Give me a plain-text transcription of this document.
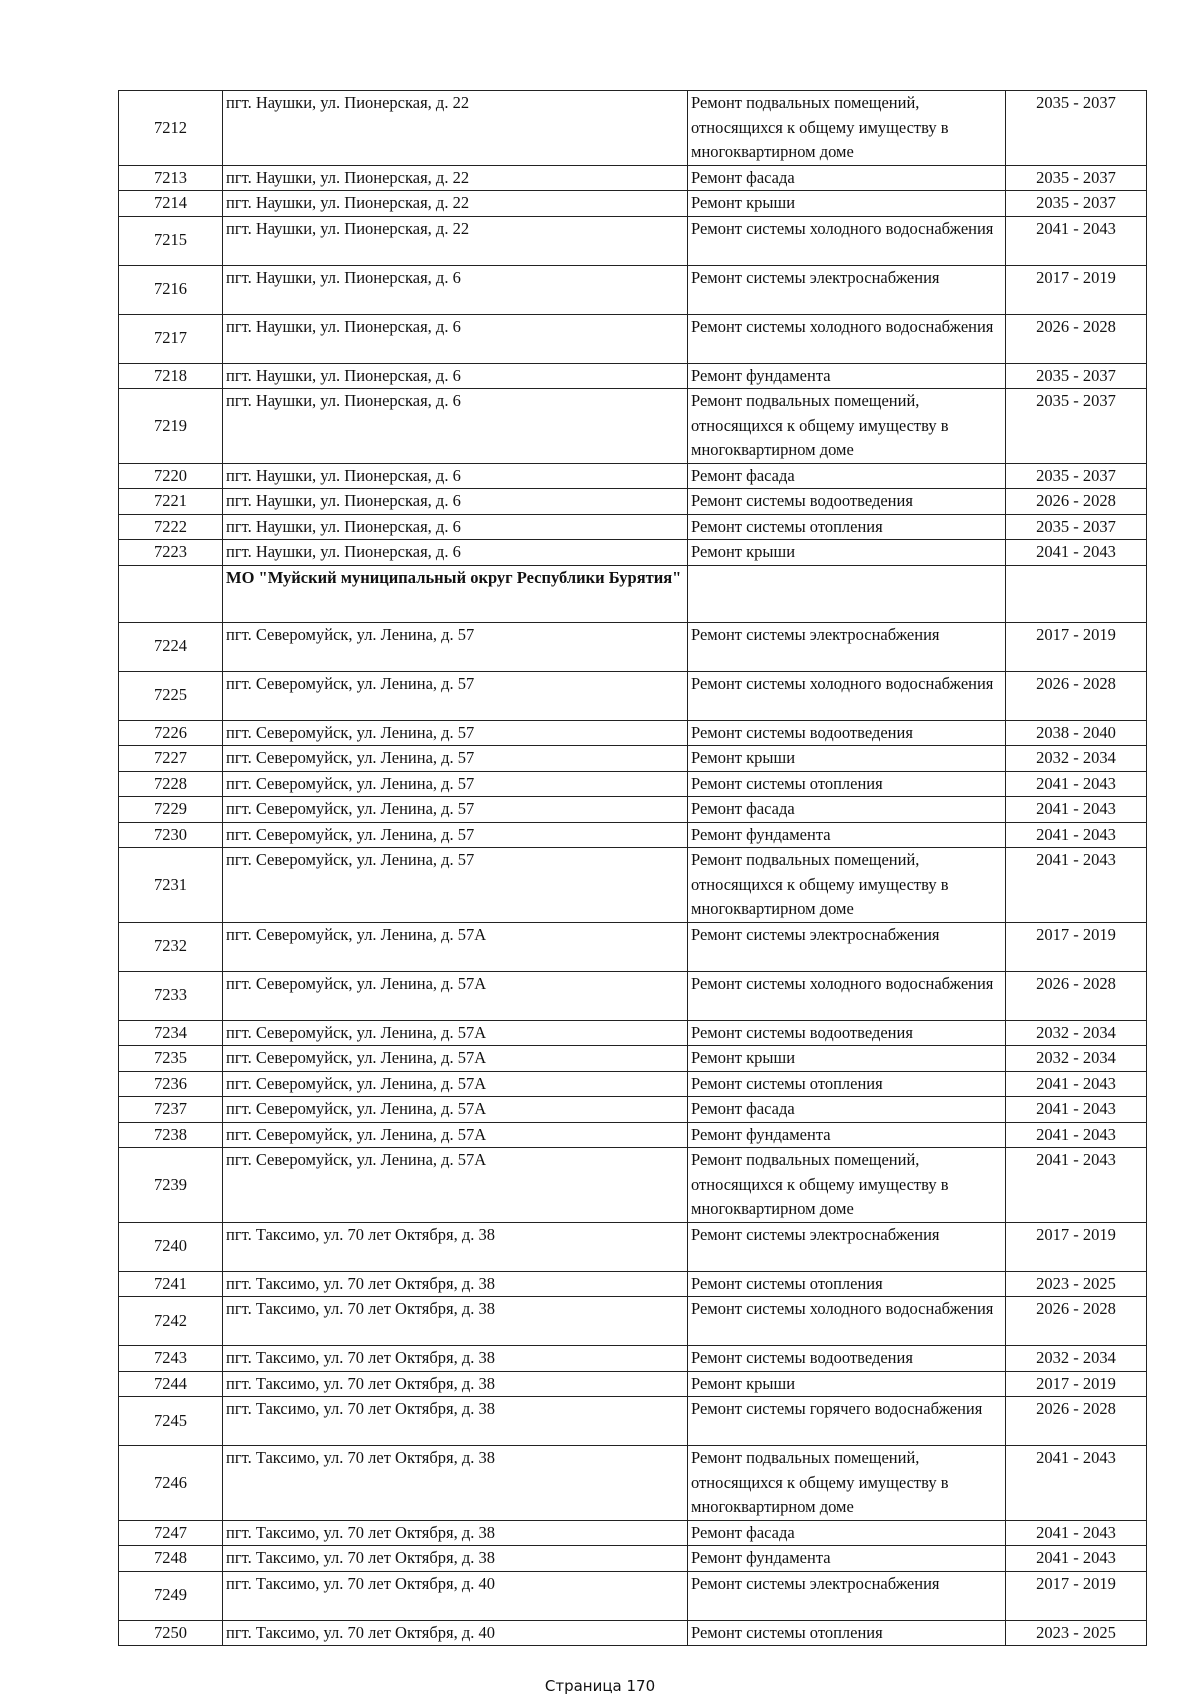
7212	пгт. Наушки, ул. Пионерская, д. 22	Ремонт подвальных помещений, относящихся к общему имуществу в многоквартирном доме	2035 - 2037
7213	пгт. Наушки, ул. Пионерская, д. 22	Ремонт фасада	2035 - 2037
7214	пгт. Наушки, ул. Пионерская, д. 22	Ремонт крыши	2035 - 2037
7215	пгт. Наушки, ул. Пионерская, д. 22	Ремонт системы холодного водоснабжения	2041 - 2043
7216	пгт. Наушки, ул. Пионерская, д. 6	Ремонт системы электроснабжения	2017 - 2019
7217	пгт. Наушки, ул. Пионерская, д. 6	Ремонт системы холодного водоснабжения	2026 - 2028
7218	пгт. Наушки, ул. Пионерская, д. 6	Ремонт фундамента	2035 - 2037
7219	пгт. Наушки, ул. Пионерская, д. 6	Ремонт подвальных помещений, относящихся к общему имуществу в многоквартирном доме	2035 - 2037
7220	пгт. Наушки, ул. Пионерская, д. 6	Ремонт фасада	2035 - 2037
7221	пгт. Наушки, ул. Пионерская, д. 6	Ремонт системы водоотведения	2026 - 2028
7222	пгт. Наушки, ул. Пионерская, д. 6	Ремонт системы отопления	2035 - 2037
7223	пгт. Наушки, ул. Пионерская, д. 6	Ремонт крыши	2041 - 2043
	МО "Муйский муниципальный округ Республики Бурятия"		
7224	пгт. Северомуйск, ул. Ленина, д. 57	Ремонт системы электроснабжения	2017 - 2019
7225	пгт. Северомуйск, ул. Ленина, д. 57	Ремонт системы холодного водоснабжения	2026 - 2028
7226	пгт. Северомуйск, ул. Ленина, д. 57	Ремонт системы водоотведения	2038 - 2040
7227	пгт. Северомуйск, ул. Ленина, д. 57	Ремонт крыши	2032 - 2034
7228	пгт. Северомуйск, ул. Ленина, д. 57	Ремонт системы отопления	2041 - 2043
7229	пгт. Северомуйск, ул. Ленина, д. 57	Ремонт фасада	2041 - 2043
7230	пгт. Северомуйск, ул. Ленина, д. 57	Ремонт фундамента	2041 - 2043
7231	пгт. Северомуйск, ул. Ленина, д. 57	Ремонт подвальных помещений, относящихся к общему имуществу в многоквартирном доме	2041 - 2043
7232	пгт. Северомуйск, ул. Ленина, д. 57А	Ремонт системы электроснабжения	2017 - 2019
7233	пгт. Северомуйск, ул. Ленина, д. 57А	Ремонт системы холодного водоснабжения	2026 - 2028
7234	пгт. Северомуйск, ул. Ленина, д. 57А	Ремонт системы водоотведения	2032 - 2034
7235	пгт. Северомуйск, ул. Ленина, д. 57А	Ремонт крыши	2032 - 2034
7236	пгт. Северомуйск, ул. Ленина, д. 57А	Ремонт системы отопления	2041 - 2043
7237	пгт. Северомуйск, ул. Ленина, д. 57А	Ремонт фасада	2041 - 2043
7238	пгт. Северомуйск, ул. Ленина, д. 57А	Ремонт фундамента	2041 - 2043
7239	пгт. Северомуйск, ул. Ленина, д. 57А	Ремонт подвальных помещений, относящихся к общему имуществу в многоквартирном доме	2041 - 2043
7240	пгт. Таксимо, ул. 70 лет Октября, д. 38	Ремонт системы электроснабжения	2017 - 2019
7241	пгт. Таксимо, ул. 70 лет Октября, д. 38	Ремонт системы отопления	2023 - 2025
7242	пгт. Таксимо, ул. 70 лет Октября, д. 38	Ремонт системы холодного водоснабжения	2026 - 2028
7243	пгт. Таксимо, ул. 70 лет Октября, д. 38	Ремонт системы водоотведения	2032 - 2034
7244	пгт. Таксимо, ул. 70 лет Октября, д. 38	Ремонт крыши	2017 - 2019
7245	пгт. Таксимо, ул. 70 лет Октября, д. 38	Ремонт системы горячего водоснабжения	2026 - 2028
7246	пгт. Таксимо, ул. 70 лет Октября, д. 38	Ремонт подвальных помещений, относящихся к общему имуществу в многоквартирном доме	2041 - 2043
7247	пгт. Таксимо, ул. 70 лет Октября, д. 38	Ремонт фасада	2041 - 2043
7248	пгт. Таксимо, ул. 70 лет Октября, д. 38	Ремонт фундамента	2041 - 2043
7249	пгт. Таксимо, ул. 70 лет Октября, д. 40	Ремонт системы электроснабжения	2017 - 2019
7250	пгт. Таксимо, ул. 70 лет Октября, д. 40	Ремонт системы отопления	2023 - 2025
Страница 170
